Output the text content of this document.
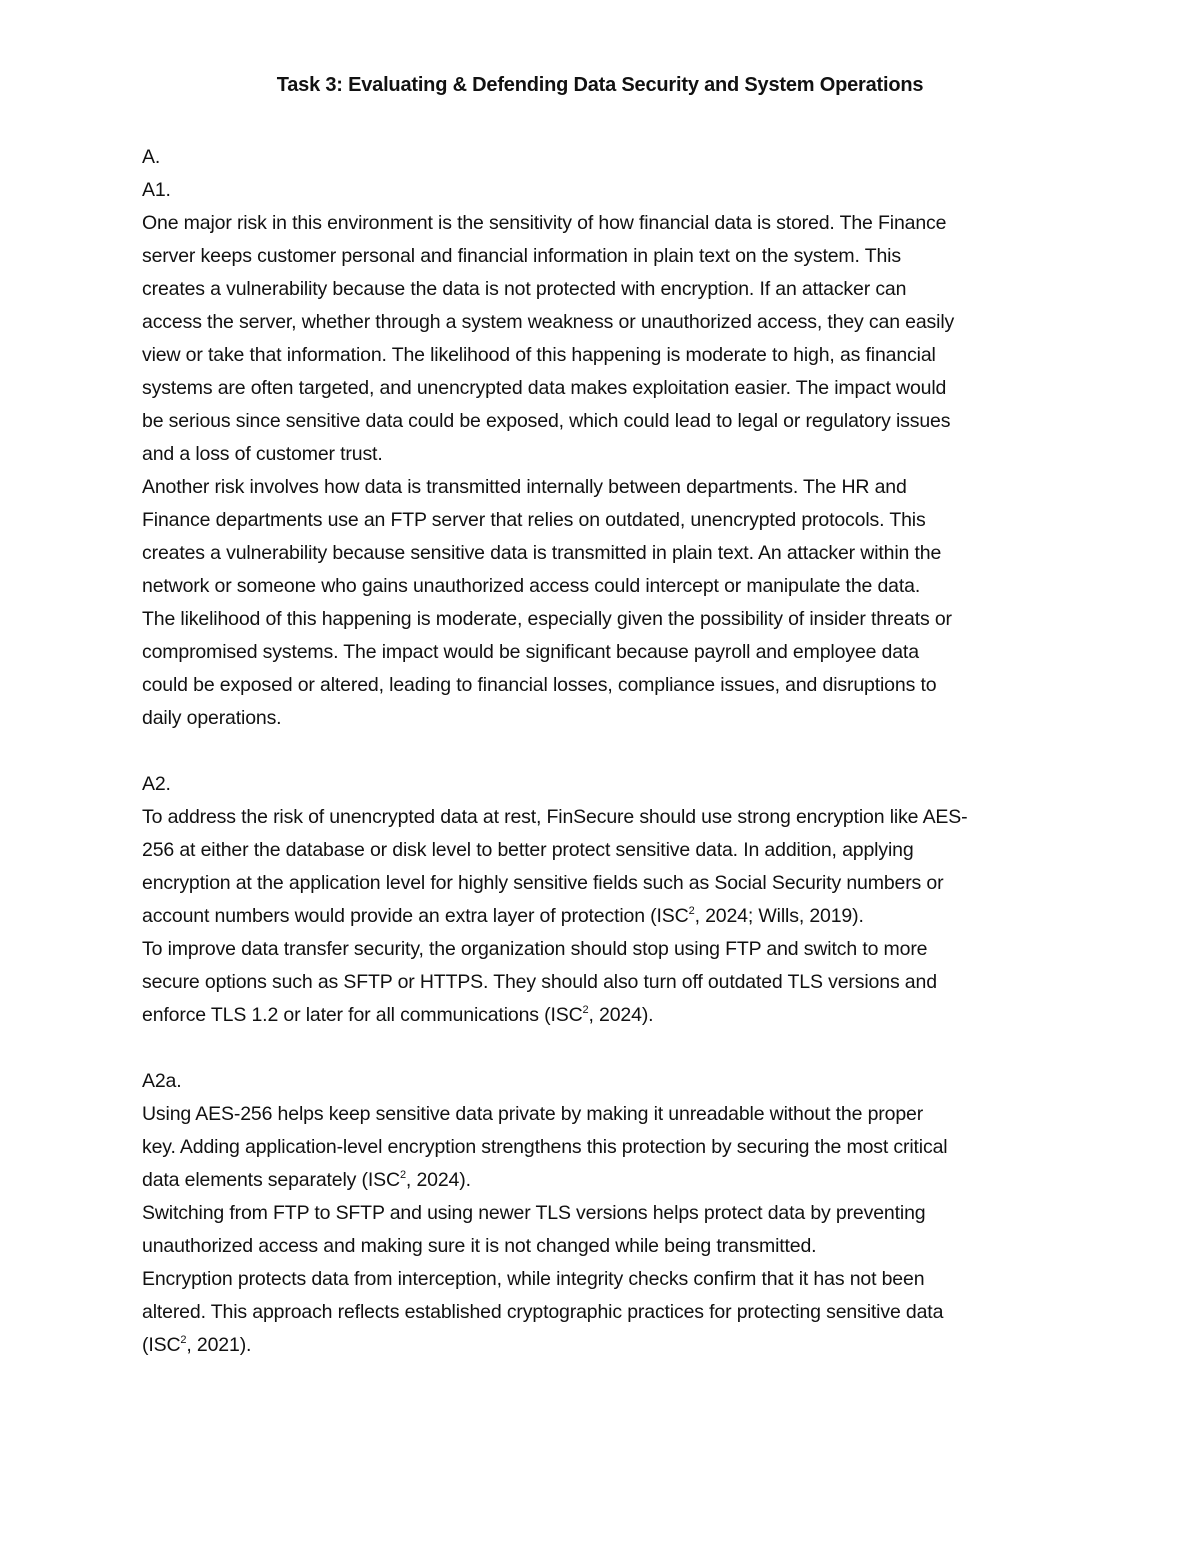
Task 3: Evaluating & Defending Data Security and System Operations
A.
A1.
One major risk in this environment is the sensitivity of how financial data is stored. The Finance
server keeps customer personal and financial information in plain text on the system. This
creates a vulnerability because the data is not protected with encryption. If an attacker can
access the server, whether through a system weakness or unauthorized access, they can easily
view or take that information. The likelihood of this happening is moderate to high, as financial
systems are often targeted, and unencrypted data makes exploitation easier. The impact would
be serious since sensitive data could be exposed, which could lead to legal or regulatory issues
and a loss of customer trust.
Another risk involves how data is transmitted internally between departments. The HR and
Finance departments use an FTP server that relies on outdated, unencrypted protocols. This
creates a vulnerability because sensitive data is transmitted in plain text. An attacker within the
network or someone who gains unauthorized access could intercept or manipulate the data.
The likelihood of this happening is moderate, especially given the possibility of insider threats or
compromised systems. The impact would be significant because payroll and employee data
could be exposed or altered, leading to financial losses, compliance issues, and disruptions to
daily operations.
A2.
To address the risk of unencrypted data at rest, FinSecure should use strong encryption like AES-
256 at either the database or disk level to better protect sensitive data. In addition, applying
encryption at the application level for highly sensitive fields such as Social Security numbers or
account numbers would provide an extra layer of protection (ISC$^2$, 2024; Wills, 2019).
To improve data transfer security, the organization should stop using FTP and switch to more
secure options such as SFTP or HTTPS. They should also turn off outdated TLS versions and
enforce TLS 1.2 or later for all communications (ISC$^2$, 2024).
A2a.
Using AES-256 helps keep sensitive data private by making it unreadable without the proper
key. Adding application-level encryption strengthens this protection by securing the most critical
data elements separately (ISC$^2$, 2024).
Switching from FTP to SFTP and using newer TLS versions helps protect data by preventing
unauthorized access and making sure it is not changed while being transmitted.
Encryption protects data from interception, while integrity checks confirm that it has not been
altered. This approach reflects established cryptographic practices for protecting sensitive data
(ISC$^2$, 2021).
